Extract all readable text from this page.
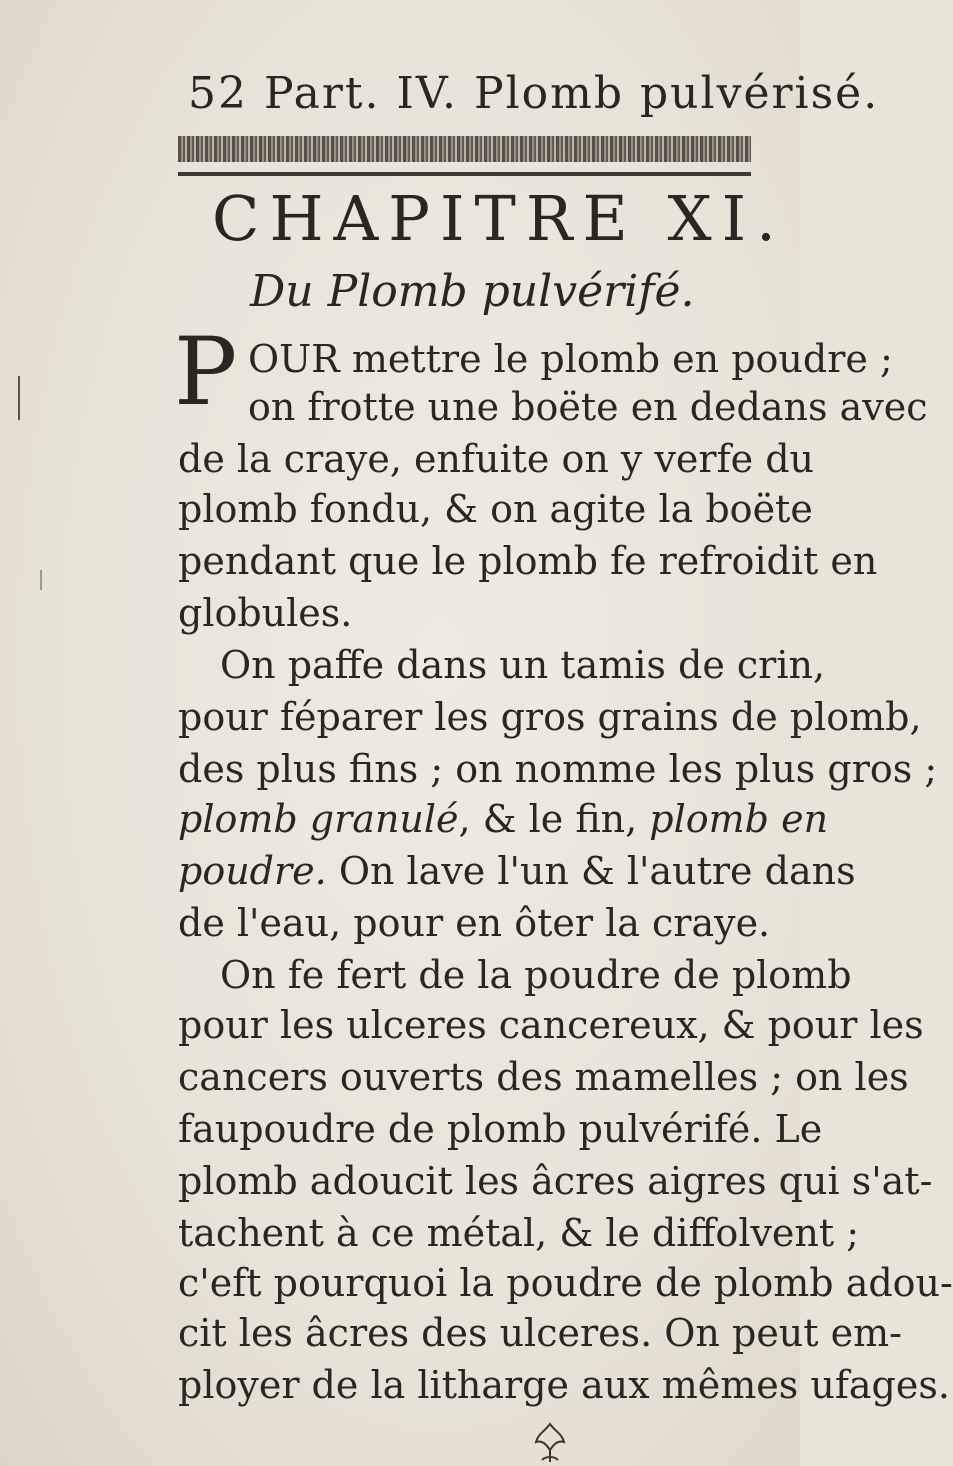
52 Part. IV. Plomb pulvérisé.
CHAPITRE XI.
Du Plomb pulvérifé.
P OUR mettre le plomb en poudre ;
on frotte une boëte en dedans avec
de la craye, enfuite on y verfe du
plomb fondu, & on agite la boëte
pendant que le plomb fe refroidit en
globules.
On paffe dans un tamis de crin,
pour féparer les gros grains de plomb,
des plus fins ; on nomme les plus gros ;
plomb granulé, & le fin, plomb en
poudre. On lave l'un & l'autre dans
de l'eau, pour en ôter la craye.
On fe fert de la poudre de plomb
pour les ulceres cancereux, & pour les
cancers ouverts des mamelles ; on les
faupoudre de plomb pulvérifé. Le
plomb adoucit les âcres aigres qui s'at-
tachent à ce métal, & le diffolvent ;
c'eft pourquoi la poudre de plomb adou-
cit les âcres des ulceres. On peut em-
ployer de la litharge aux mêmes ufages.
